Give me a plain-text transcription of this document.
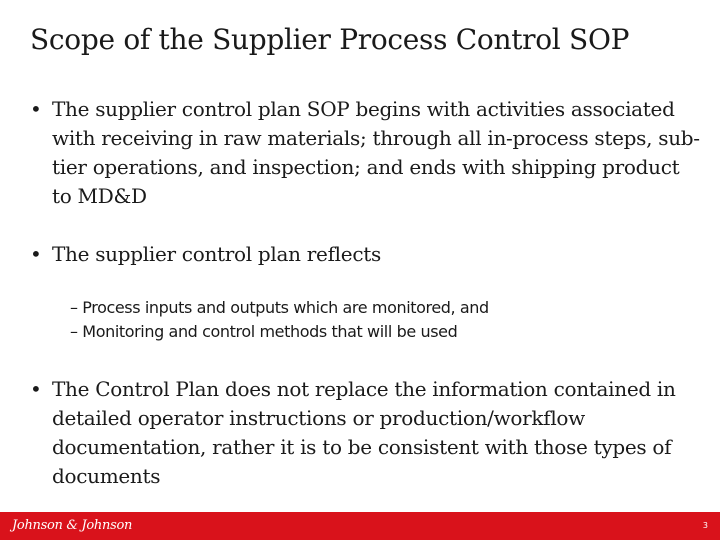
Scope of the Supplier Process Control SOP
• The supplier control plan SOP begins with activities associated with receiving in raw materials; through all in‐process steps, sub‐tier operations, and inspection; and ends with shipping product to MD&D
• The supplier control plan reflects
– Process inputs and outputs which are monitored, and
– Monitoring and control methods that will be used
• The Control Plan does not replace the information contained in detailed operator instructions or production/workflow documentation, rather it is to be consistent with those types of documents
Johnson & Johnson	3
